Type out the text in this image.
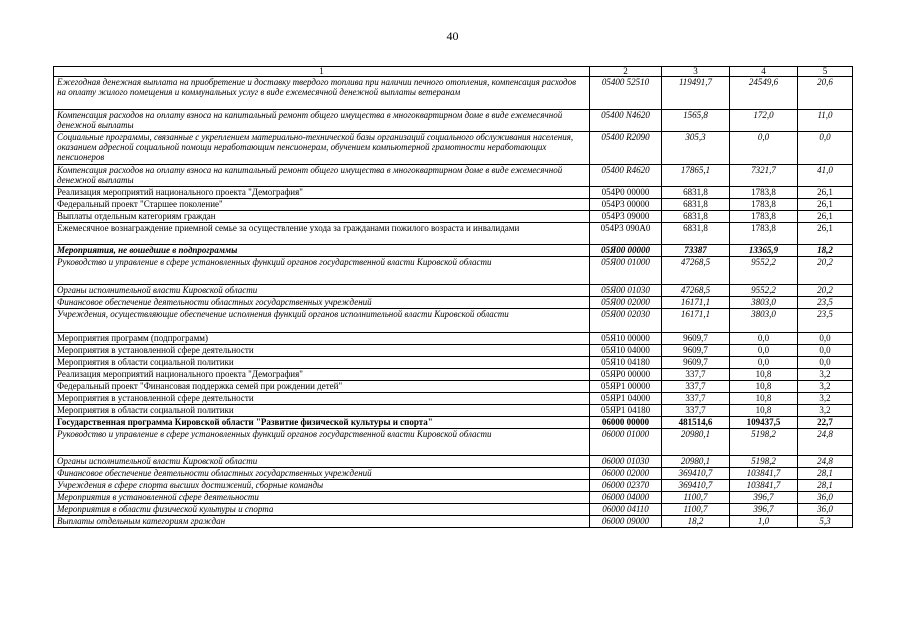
40
1	2	3	4	5
Ежегодная денежная выплата на приобретение и доставку твердого топлива при наличии печного отопления, компенсация расходов на оплату жилого помещения и коммунальных услуг в виде ежемесячной денежной выплаты ветеранам	05400 52510	119491,7	24549,6	20,6
Компенсация расходов на оплату взноса на капитальный ремонт общего имущества в многоквартирном доме в виде ежемесячной денежной выплаты	05400 N4620	1565,8	172,0	11,0
Социальные программы, связанные с укреплением материально-технической базы организаций социального обслуживания населения, оказанием адресной социальной помощи неработающим пенсионерам, обучением компьютерной грамотности неработающих пенсионеров	05400 R2090	305,3	0,0	0,0
Компенсация расходов на оплату взноса на капитальный ремонт общего имущества в многоквартирном доме в виде ежемесячной денежной выплаты	05400 R4620	17865,1	7321,7	41,0
Реализация мероприятий национального проекта "Демография"	054P0 00000	6831,8	1783,8	26,1
Федеральный проект "Старшее поколение"	054P3 00000	6831,8	1783,8	26,1
Выплаты отдельным категориям граждан	054P3 09000	6831,8	1783,8	26,1
Ежемесячное вознаграждение приемной семье за осуществление ухода за гражданами пожилого возраста и инвалидами	054P3 090A0	6831,8	1783,8	26,1
Мероприятия, не вошедшие в подпрограммы	05Я00 00000	73387	13365,9	18,2
Руководство и управление в сфере установленных функций органов государственной власти Кировской области	05Я00 01000	47268,5	9552,2	20,2
Органы исполнительной власти Кировской области	05Я00 01030	47268,5	9552,2	20,2
Финансовое обеспечение деятельности областных государственных учреждений	05Я00 02000	16171,1	3803,0	23,5
Учреждения, осуществляющие обеспечение исполнения функций органов исполнительной власти Кировской области	05Я00 02030	16171,1	3803,0	23,5
Мероприятия программ (подпрограмм)	05Я10 00000	9609,7	0,0	0,0
Мероприятия в установленной сфере деятельности	05Я10 04000	9609,7	0,0	0,0
Мероприятия в области социальной политики	05Я10 04180	9609,7	0,0	0,0
Реализация мероприятий национального проекта "Демография"	05ЯР0 00000	337,7	10,8	3,2
Федеральный проект "Финансовая поддержка семей при рождении детей"	05ЯР1 00000	337,7	10,8	3,2
Мероприятия в установленной сфере деятельности	05ЯР1 04000	337,7	10,8	3,2
Мероприятия в области социальной политики	05ЯР1 04180	337,7	10,8	3,2
Государственная программа Кировской области "Развитие физической культуры и спорта"	06000 00000	481514,6	109437,5	22,7
Руководство и управление в сфере установленных функций органов государственной власти Кировской области	06000 01000	20980,1	5198,2	24,8
Органы исполнительной власти Кировской области	06000 01030	20980,1	5198,2	24,8
Финансовое обеспечение деятельности областных государственных учреждений	06000 02000	369410,7	103841,7	28,1
Учреждения в сфере спорта высших достижений, сборные команды	06000 02370	369410,7	103841,7	28,1
Мероприятия в установленной сфере деятельности	06000 04000	1100,7	396,7	36,0
Мероприятия в области физической культуры и спорта	06000 04110	1100,7	396,7	36,0
Выплаты отдельным категориям граждан	06000 09000	18,2	1,0	5,3
